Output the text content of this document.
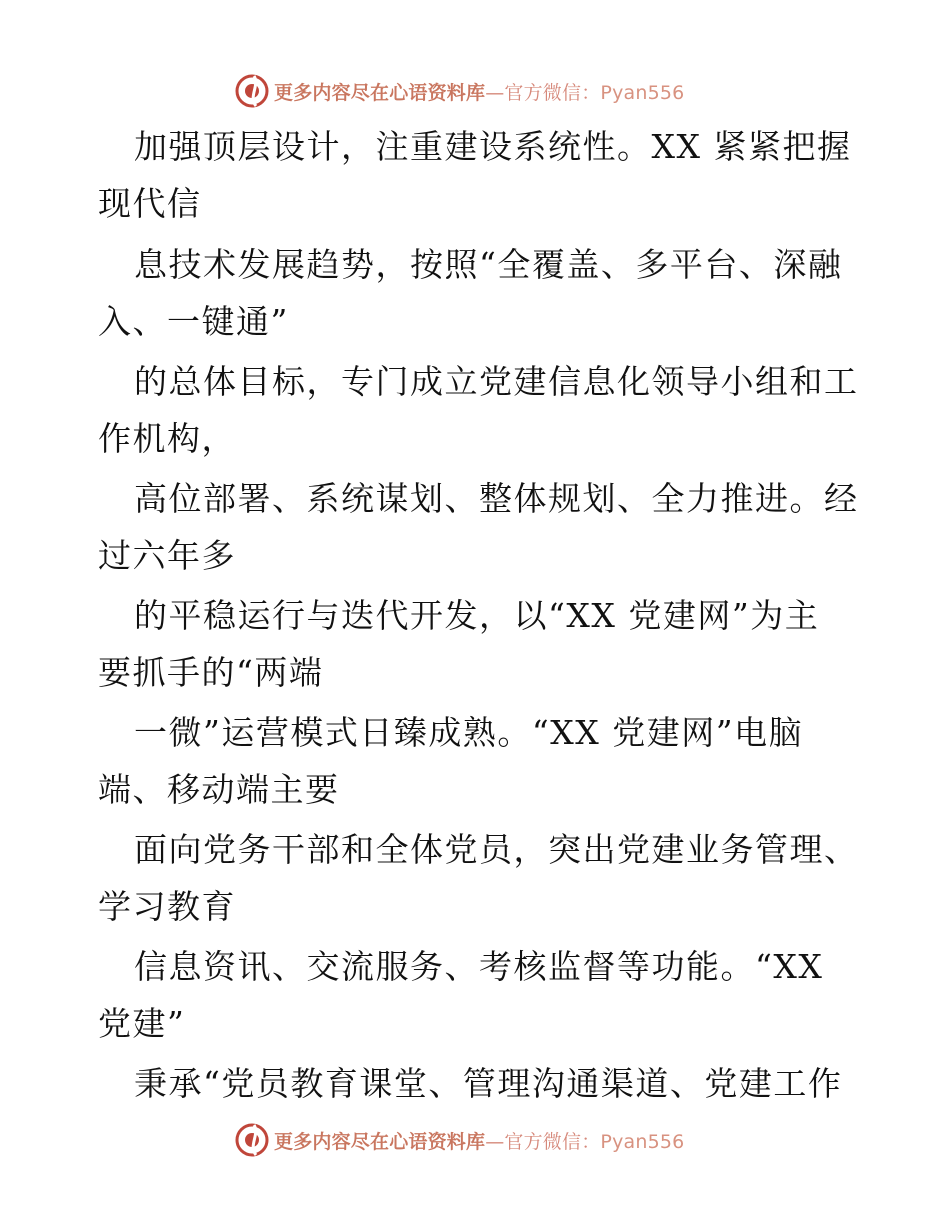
更多内容尽在心语资料库—官方微信：Pyan556
加强顶层设计，注重建设系统性。XX 紧紧把握
现代信
息技术发展趋势，按照“全覆盖、多平台、深融
入、一键通”
的总体目标，专门成立党建信息化领导小组和工
作机构，
高位部署、系统谋划、整体规划、全力推进。经
过六年多
的平稳运行与迭代开发，以“XX 党建网”为主
要抓手的“两端
一微”运营模式日臻成熟。“XX 党建网”电脑
端、移动端主要
面向党务干部和全体党员，突出党建业务管理、
学习教育
信息资讯、交流服务、考核监督等功能。“XX
党建”
秉承“党员教育课堂、管理沟通渠道、党建工作
更多内容尽在心语资料库—官方微信：Pyan556
